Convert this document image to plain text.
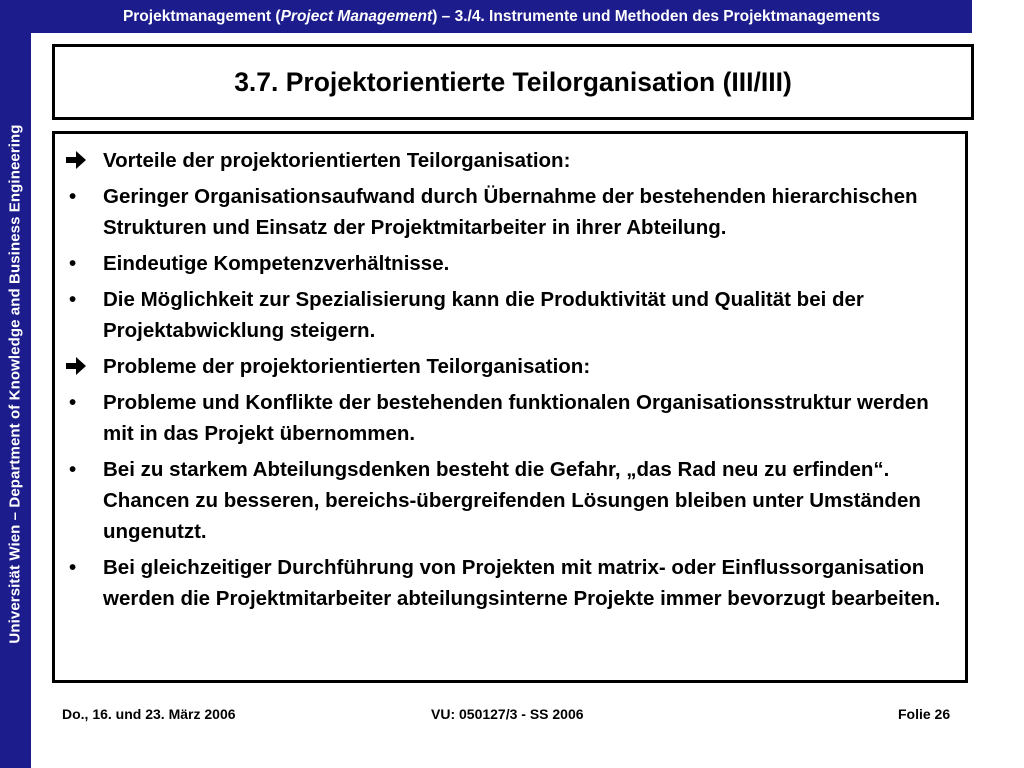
Universität Wien – Department of Knowledge and Business Engineering
Projektmanagement ( Project Management ) – 3./4. Instrumente und Methoden des Projektmanagements
3.7. Projektorientierte Teilorganisation (III/III)
Vorteile der projektorientierten Teilorganisation:
•	Geringer Organisationsaufwand durch Übernahme der bestehenden hierarchischen Strukturen und Einsatz der Projektmitarbeiter in ihrer Abteilung.
•	Eindeutige Kompetenzverhältnisse.
•	Die Möglichkeit zur Spezialisierung kann die Produktivität und Qualität bei der Projektabwicklung steigern.
Probleme der projektorientierten Teilorganisation:
•	Probleme und Konflikte der bestehenden funktionalen Organisationsstruktur werden mit in das Projekt übernommen.
•	Bei zu starkem Abteilungsdenken besteht die Gefahr, „das Rad neu zu erfinden“. Chancen zu besseren, bereichs-übergreifenden Lösungen bleiben unter Umständen ungenutzt.
•	Bei gleichzeitiger Durchführung von Projekten mit matrix- oder Einflussorganisation werden die Projektmitarbeiter abteilungsinterne Projekte immer bevorzugt bearbeiten.
Do., 16. und 23. März 2006	VU: 050127/3 - SS 2006	Folie 26
